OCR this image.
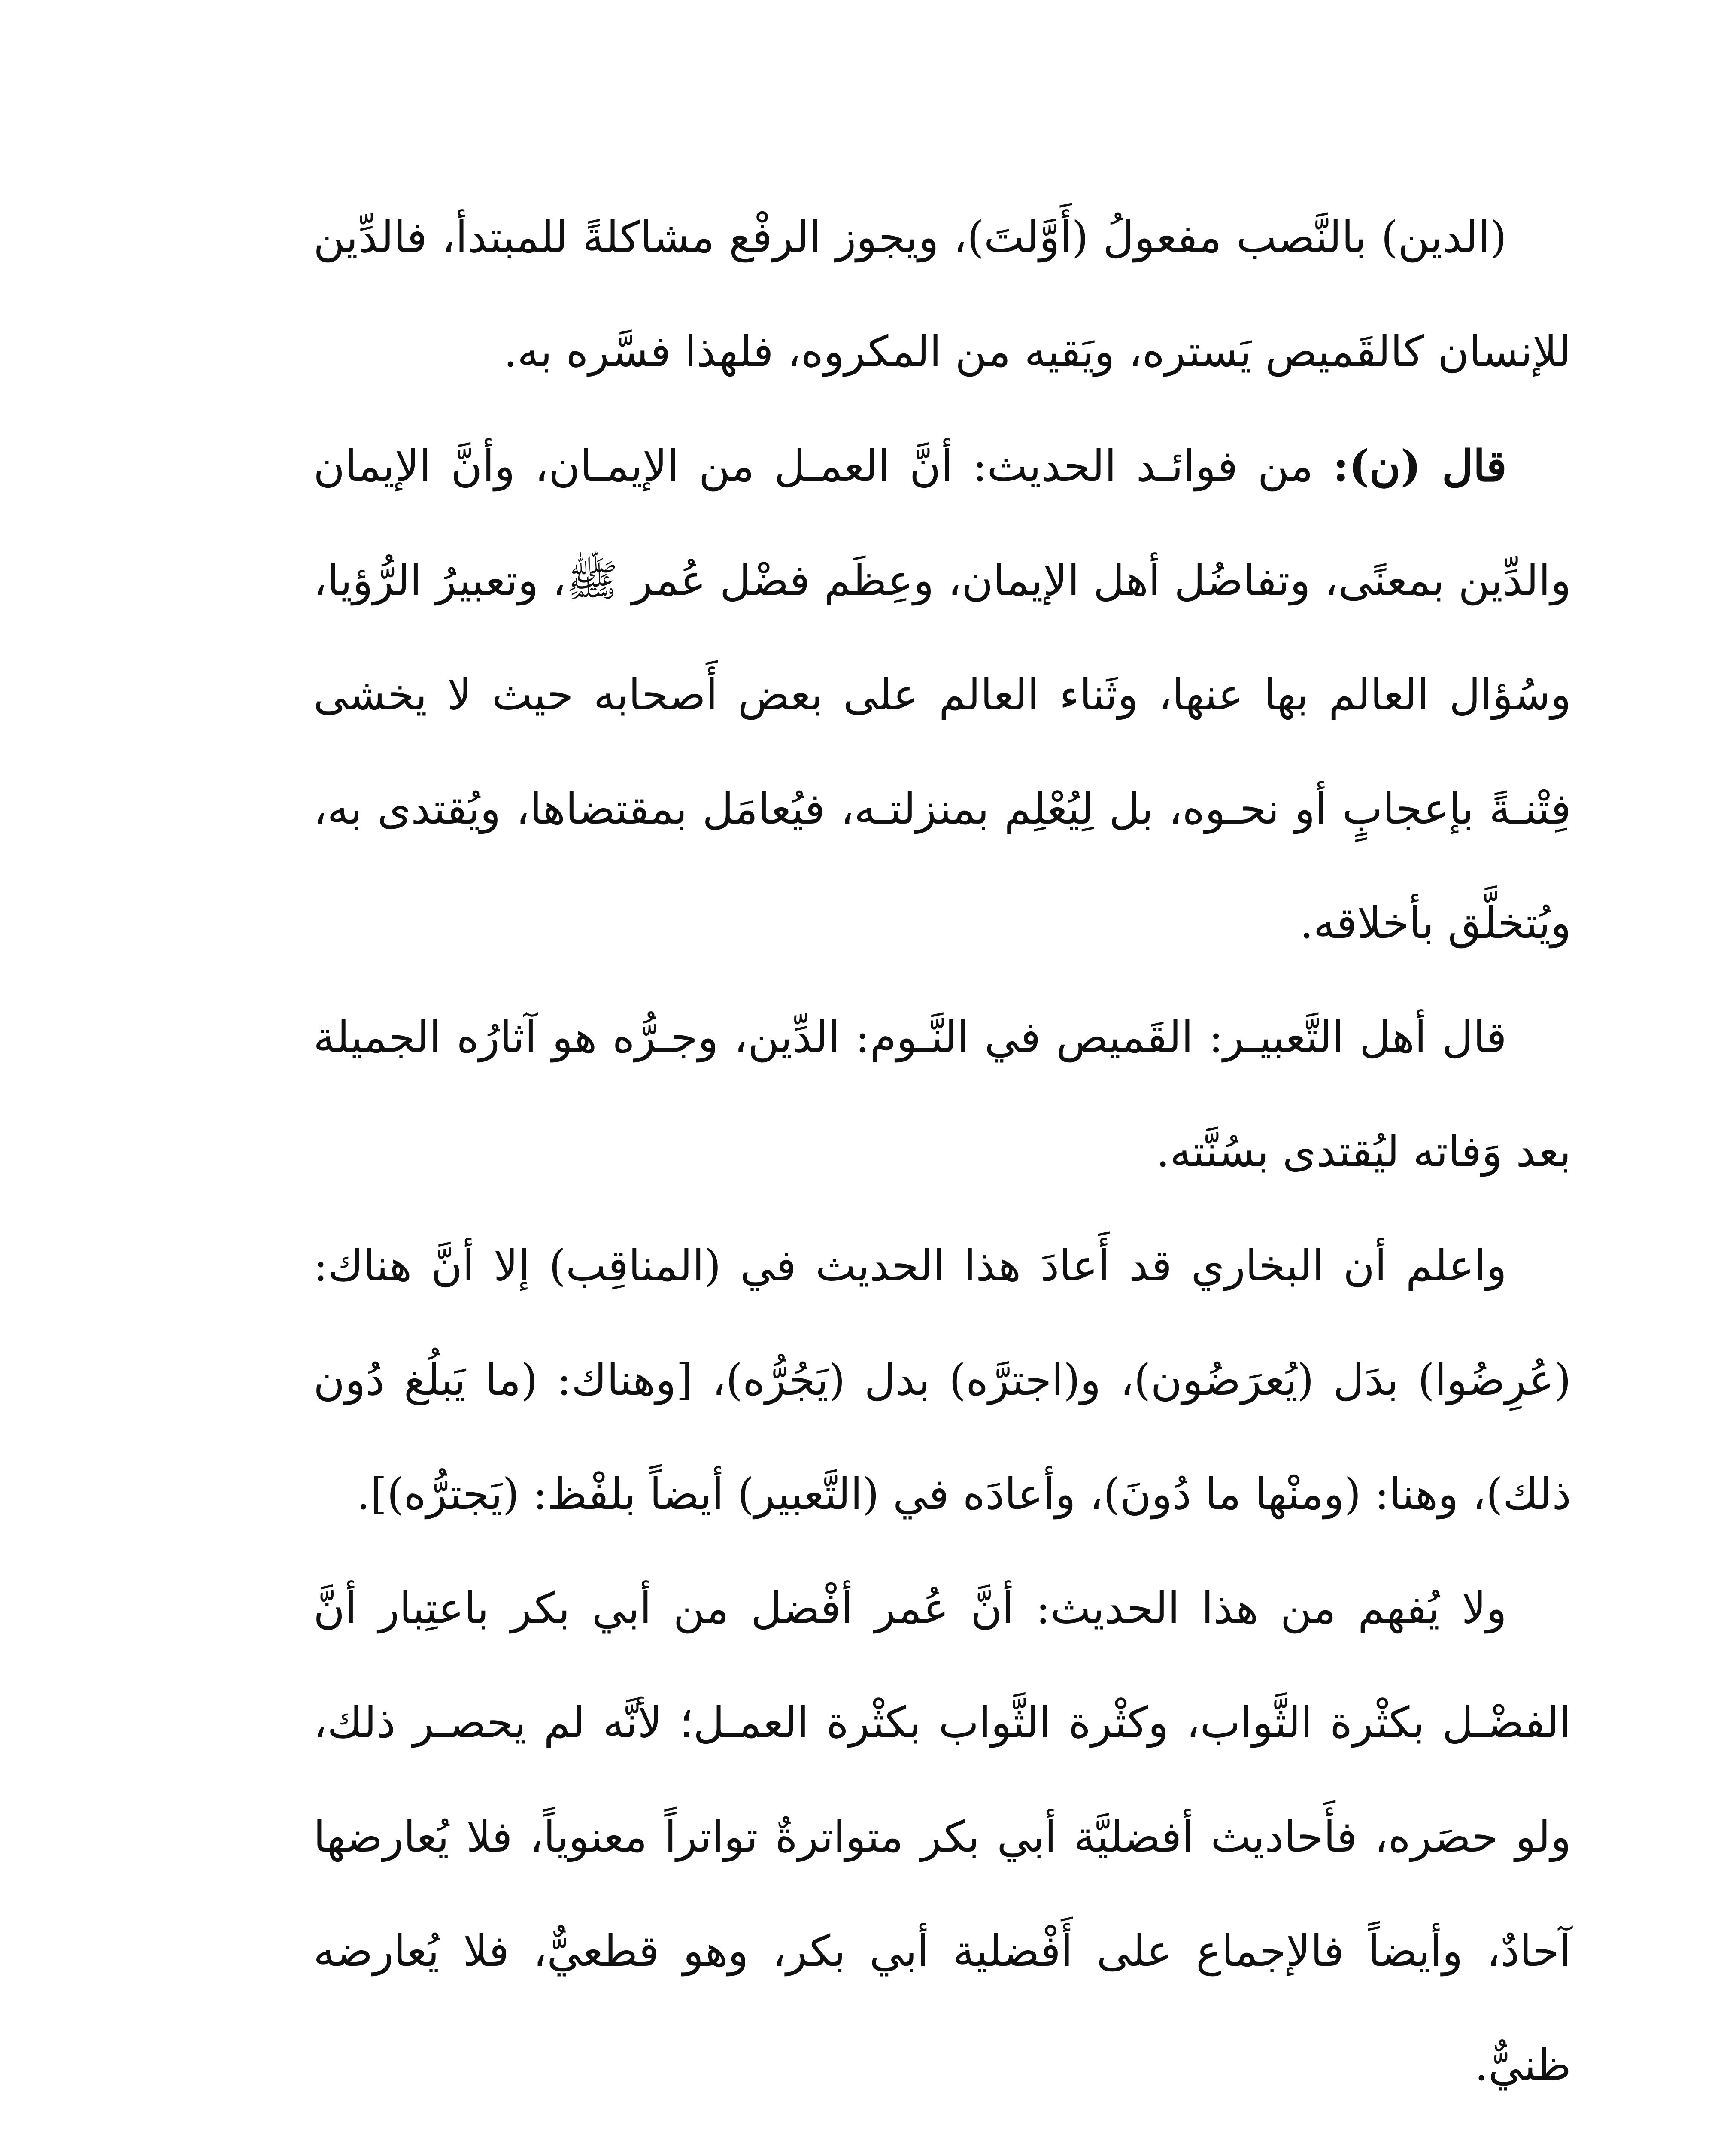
(الدين) بالنَّصب مفعولُ (أَوَّلتَ)، ويجوز الرفْع مشاكلةً للمبتدأ، فالدِّين للإنسان كالقَميص يَستره، ويَقيه من المكروه، فلهذا فسَّره به.

قال (ن): من فوائـد الحديث: أنَّ العمـل من الإيمـان، وأنَّ الإيمان والدِّين بمعنًى، وتفاضُل أهل الإيمان، وعِظَم فضْل عُمر ﷺ، وتعبيرُ الرُّؤيا، وسُؤال العالم بها عنها، وثَناء العالم على بعض أَصحابه حيث لا يخشى فِتْنـةً بإعجابٍ أو نحـوه، بل لِيُعْلِم بمنزلتـه، فيُعامَل بمقتضاها، ويُقتدى به، ويُتخلَّق بأخلاقه.

قال أهل التَّعبيـر: القَميص في النَّـوم: الدِّين، وجـرُّه هو آثارُه الجميلة بعد وَفاته ليُقتدى بسُنَّته.

واعلم أن البخاري قد أَعادَ هذا الحديث في (المناقِب) إلا أنَّ هناك: (عُرِضُوا) بدَل (يُعرَضُون)، و(اجترَّه) بدل (يَجُرُّه)، [وهناك: (ما يَبلُغ دُون ذلك)، وهنا: (ومنْها ما دُونَ)، وأعادَه في (التَّعبير) أيضاً بلفْظ: (يَجترُّه)].

ولا يُفهم من هذا الحديث: أنَّ عُمر أفْضل من أبي بكر باعتِبار أنَّ الفضْـل بكثْرة الثَّواب، وكثْرة الثَّواب بكثْرة العمـل؛ لأنَّه لم يحصـر ذلك، ولو حصَره، فأَحاديث أفضليَّة أبي بكر متواترةٌ تواتراً معنوياً، فلا يُعارضها آحادٌ، وأيضاً فالإجماع على أَفْضلية أبي بكر، وهو قطعيٌّ، فلا يُعارضه ظنيٌّ.
